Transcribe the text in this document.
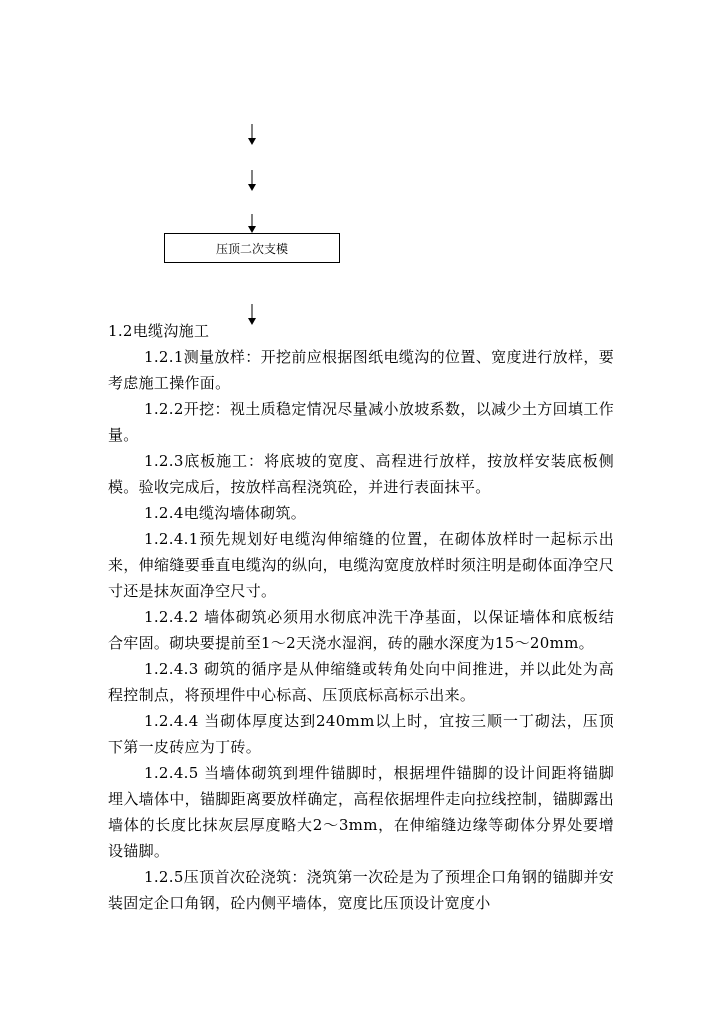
压顶二次支模

1.2电缆沟施工

1.2.1测量放样：开挖前应根据图纸电缆沟的位置、宽度进行放样，要考虑施工操作面。

1.2.2开挖：视土质稳定情况尽量减小放坡系数，以减少土方回填工作量。

1.2.3底板施工：将底坡的宽度、高程进行放样，按放样安装底板侧模。验收完成后，按放样高程浇筑砼，并进行表面抹平。

1.2.4电缆沟墙体砌筑。

1.2.4.1预先规划好电缆沟伸缩缝的位置，在砌体放样时一起标示出来，伸缩缝要垂直电缆沟的纵向，电缆沟宽度放样时须注明是砌体面净空尺寸还是抹灰面净空尺寸。

1.2.4.2 墙体砌筑必须用水彻底冲洗干净基面，以保证墙体和底板结合牢固。砌块要提前至1～2天浇水湿润，砖的融水深度为15～20mm。

1.2.4.3 砌筑的循序是从伸缩缝或转角处向中间推进，并以此处为高程控制点，将预埋件中心标高、压顶底标高标示出来。

1.2.4.4 当砌体厚度达到240mm以上时，宜按三顺一丁砌法，压顶下第一皮砖应为丁砖。

1.2.4.5 当墙体砌筑到埋件锚脚时，根据埋件锚脚的设计间距将锚脚埋入墙体中，锚脚距离要放样确定，高程依据埋件走向拉线控制，锚脚露出墙体的长度比抹灰层厚度略大2～3mm，在伸缩缝边缘等砌体分界处要增设锚脚。

1.2.5压顶首次砼浇筑：浇筑第一次砼是为了预埋企口角钢的锚脚并安装固定企口角钢，砼内侧平墙体，宽度比压顶设计宽度小
